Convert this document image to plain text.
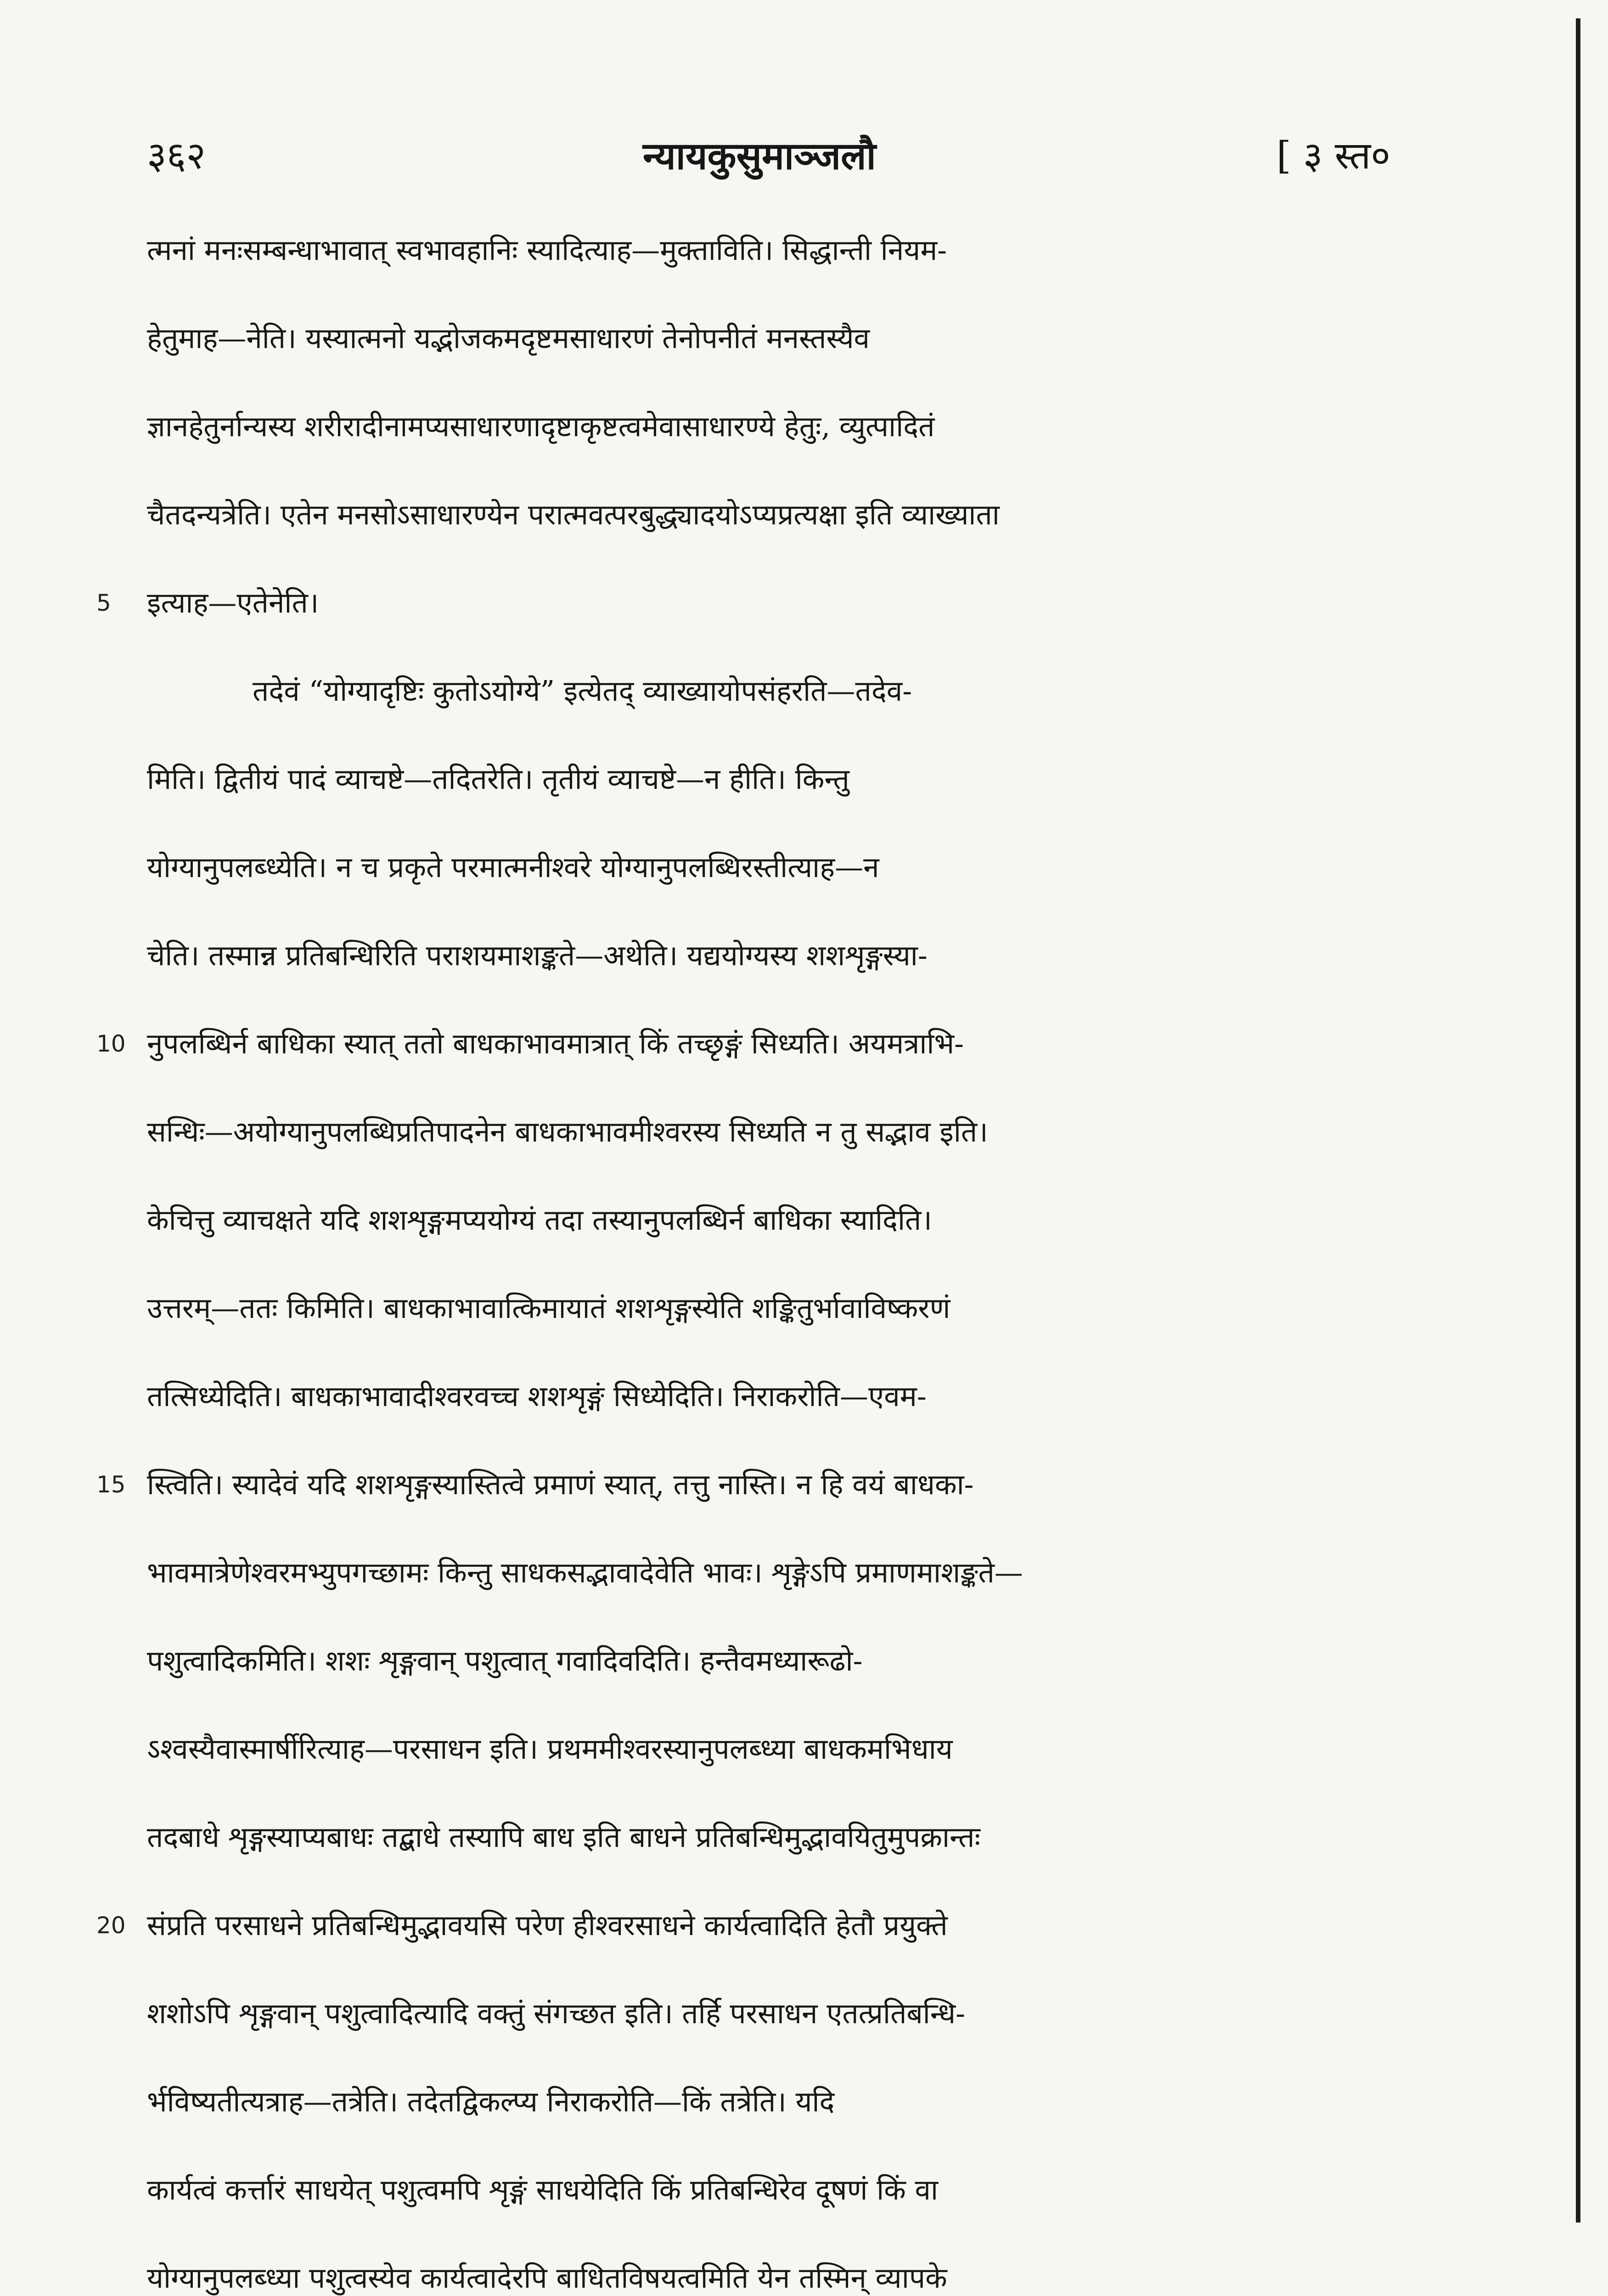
३६२	न्यायकुसुमाञ्जलौ	[ ३ स्त०
त्मनां मनःसम्बन्धाभावात् स्वभावहानिः स्यादित्याह—मुक्ताविति। सिद्धान्ती नियम-
हेतुमाह—नेति। यस्यात्मनो यद्भोजकमदृष्टमसाधारणं तेनोपनीतं मनस्तस्यैव
ज्ञानहेतुर्नान्यस्य शरीरादीनामप्यसाधारणादृष्टाकृष्टत्वमेवासाधारण्ये हेतुः, व्युत्पादितं
चैतदन्यत्रेति। एतेन मनसोऽसाधारण्येन परात्मवत्परबुद्ध्यादयोऽप्यप्रत्यक्षा इति व्याख्याता
5	इत्याह—एतेनेति।
तदेवं “योग्यादृष्टिः कुतोऽयोग्ये” इत्येतद् व्याख्यायोपसंहरति—तदेव-
मिति। द्वितीयं पादं व्याचष्टे—तदितरेति। तृतीयं व्याचष्टे—न हीति। किन्तु
योग्यानुपलब्ध्येति। न च प्रकृते परमात्मनीश्वरे योग्यानुपलब्धिरस्तीत्याह—न
चेति। तस्मान्न प्रतिबन्धिरिति पराशयमाशङ्कते—अथेति। यद्ययोग्यस्य शशशृङ्गस्या-
10 नुपलब्धिर्न बाधिका स्यात् ततो बाधकाभावमात्रात् किं तच्छृङ्गं सिध्यति। अयमत्राभि-
सन्धिः—अयोग्यानुपलब्धिप्रतिपादनेन बाधकाभावमीश्वरस्य सिध्यति न तु सद्भाव इति।
केचित्तु व्याचक्षते यदि शशशृङ्गमप्ययोग्यं तदा तस्यानुपलब्धिर्न बाधिका स्यादिति।
उत्तरम्—ततः किमिति। बाधकाभावात्किमायातं शशशृङ्गस्येति शङ्कितुर्भावाविष्करणं
तत्सिध्येदिति। बाधकाभावादीश्वरवच्च शशशृङ्गं सिध्येदिति। निराकरोति—एवम-
15 स्त्विति। स्यादेवं यदि शशशृङ्गस्यास्तित्वे प्रमाणं स्यात्, तत्तु नास्ति। न हि वयं बाधका-
भावमात्रेणेश्वरमभ्युपगच्छामः किन्तु साधकसद्भावादेवेति भावः। शृङ्गेऽपि प्रमाणमाशङ्कते—
पशुत्वादिकमिति। शशः शृङ्गवान् पशुत्वात् गवादिवदिति। हन्तैवमध्यारूढो-
ऽश्वस्यैवास्मार्षीरित्याह—परसाधन इति। प्रथममीश्वरस्यानुपलब्ध्या बाधकमभिधाय
तदबाधे शृङ्गस्याप्यबाधः तद्बाधे तस्यापि बाध इति बाधने प्रतिबन्धिमुद्भावयितुमुपक्रान्तः
20 संप्रति परसाधने प्रतिबन्धिमुद्भावयसि परेण हीश्वरसाधने कार्यत्वादिति हेतौ प्रयुक्ते
शशोऽपि शृङ्गवान् पशुत्वादित्यादि वक्तुं संगच्छत इति। तर्हि परसाधन एतत्प्रतिबन्धि-
र्भविष्यतीत्यत्राह—तत्रेति। तदेतद्विकल्प्य निराकरोति—किं तत्रेति। यदि
कार्यत्वं कर्त्तारं साधयेत् पशुत्वमपि शृङ्गं साधयेदिति किं प्रतिबन्धिरेव दूषणं किं वा
योग्यानुपलब्ध्या पशुत्वस्येव कार्यत्वादेरपि बाधितविषयत्वमिति येन तस्मिन् व्यापके
